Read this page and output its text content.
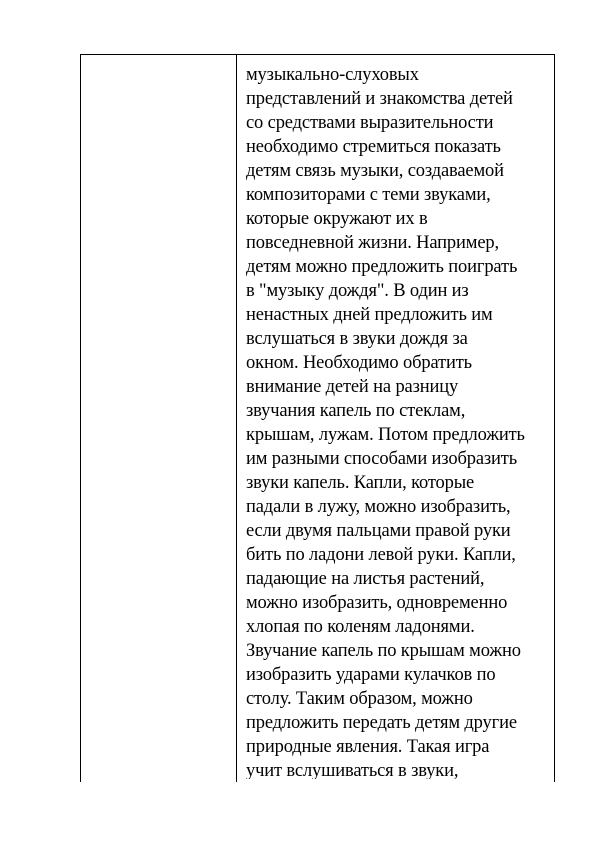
музыкально-слуховых
представлений и знакомства детей
со средствами выразительности
необходимо стремиться показать
детям связь музыки, создаваемой
композиторами с теми звуками,
которые окружают их в
повседневной жизни. Например,
детям можно предложить поиграть
в "музыку дождя". В один из
ненастных дней предложить им
вслушаться в звуки дождя за
окном. Необходимо обратить
внимание детей на разницу
звучания капель по стеклам,
крышам, лужам. Потом предложить
им разными способами изобразить
звуки капель. Капли, которые
падали в лужу, можно изобразить,
если двумя пальцами правой руки
бить по ладони левой руки. Капли,
падающие на листья растений,
можно изобразить, одновременно
хлопая по коленям ладонями.
Звучание капель по крышам можно
изобразить ударами кулачков по
столу. Таким образом, можно
предложить передать детям другие
природные явления. Такая игра
учит вслушиваться в звуки,
